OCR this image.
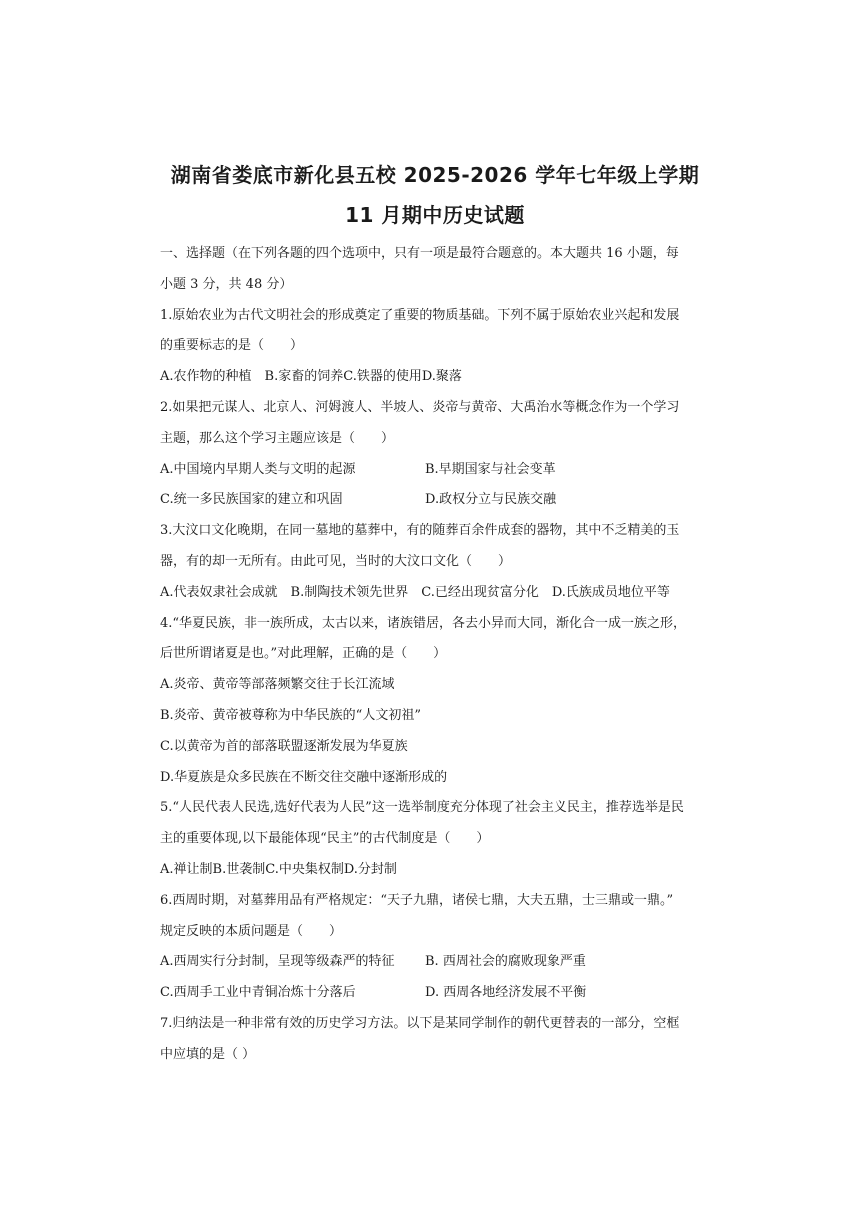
湖南省娄底市新化县五校 2025-2026 学年七年级上学期
11 月期中历史试题

一、选择题（在下列各题的四个选项中，只有一项是最符合题意的。本大题共 16 小题，每

小题 3 分，共 48 分）

1.原始农业为古代文明社会的形成奠定了重要的物质基础。下列不属于原始农业兴起和发展

的重要标志的是（　　）

A.农作物的种植　B.家畜的饲养C.铁器的使用D.聚落

2.如果把元谋人、北京人、河姆渡人、半坡人、炎帝与黄帝、大禹治水等概念作为一个学习

主题，那么这个学习主题应该是（　　）

A.中国境内早期人类与文明的起源	B.早期国家与社会变革
C.统一多民族国家的建立和巩固	D.政权分立与民族交融

3.大汶口文化晚期，在同一墓地的墓葬中，有的随葬百余件成套的器物，其中不乏精美的玉

器，有的却一无所有。由此可见，当时的大汶口文化（　　）

A.代表奴隶社会成就　B.制陶技术领先世界　C.已经出现贫富分化　D.氏族成员地位平等

4.“华夏民族，非一族所成，太古以来，诸族错居，各去小异而大同，渐化合一成一族之形，

后世所谓诸夏是也。”对此理解，正确的是（　　）

A.炎帝、黄帝等部落频繁交往于长江流域

B.炎帝、黄帝被尊称为中华民族的“人文初祖”

C.以黄帝为首的部落联盟逐渐发展为华夏族

D.华夏族是众多民族在不断交往交融中逐渐形成的

5.“人民代表人民选,选好代表为人民”这一选举制度充分体现了社会主义民主，推荐选举是民

主的重要体现,以下最能体现“民主”的古代制度是（　　）

A.禅让制B.世袭制C.中央集权制D.分封制

6.西周时期，对墓葬用品有严格规定：“天子九鼎，诸侯七鼎，大夫五鼎，士三鼎或一鼎。”

规定反映的本质问题是（　　）

A.西周实行分封制，呈现等级森严的特征	B. 西周社会的腐败现象严重
C.西周手工业中青铜冶炼十分落后	D. 西周各地经济发展不平衡

7.归纳法是一种非常有效的历史学习方法。以下是某同学制作的朝代更替表的一部分，空框

中应填的是（ ）
